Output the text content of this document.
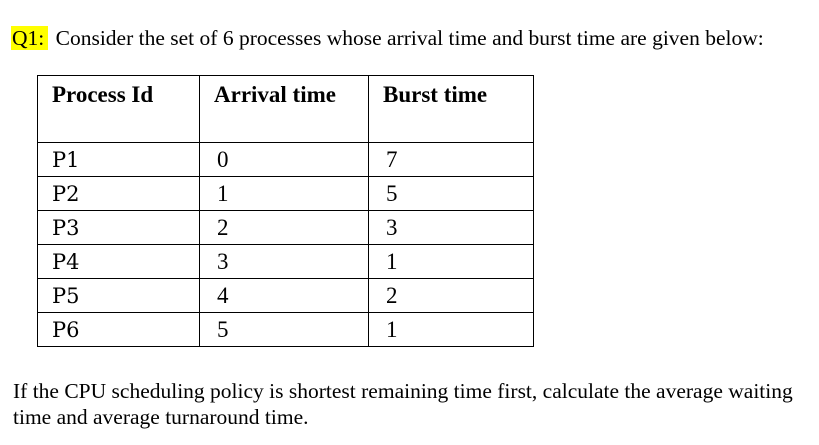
Q1: Consider the set of 6 processes whose arrival time and burst time are given below:
Process Id	Arrival time	Burst time
P1	0	7
P2	1	5
P3	2	3
P4	3	1
P5	4	2
P6	5	1
If the CPU scheduling policy is shortest remaining time first, calculate the average waiting time and average turnaround time.
